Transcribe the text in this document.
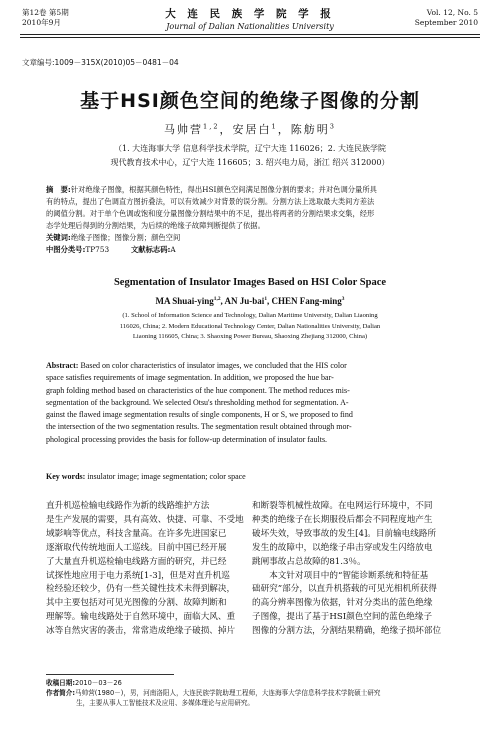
第12卷 第5期
2010年9月
大 连 民 族 学 院 学 报
Journal of Dalian Nationalities University
Vol. 12, No. 5
September 2010
文章编号:1009－315X(2010)05－0481－04
基于HSI颜色空间的绝缘子图像的分割
马帅营$^{1,2}$，安居白$^1$，陈舫明$^3$
（1. 大连海事大学 信息科学技术学院，辽宁大连 116026；2. 大连民族学院
现代教育技术中心，辽宁大连 116605；3. 绍兴电力局，浙江 绍兴 312000）
摘　要:针对绝缘子图像，根据其颜色特性，得出HSI颜色空间满足图像分割的要求；并对色调分量所具
有的特点，提出了色调直方图折叠法，可以有效减少对背景的误分割。分割方法上选取最大类间方差法
的阈值分割。对于单个色调或饱和度分量图像分割结果中的不足，提出将两者的分割结果求交集，经形
态学处理后得到的分割结果，为后续的绝缘子故障判断提供了依据。
关键词:绝缘子图像；图像分割；颜色空间
中图分类号:TP753   	文献标志码:A
Segmentation of Insulator Images Based on HSI Color Space
MA Shuai-ying$^{1,2}$, AN Ju-bai$^1$, CHEN Fang-ming$^3$
(1. School of Information Science and Technology, Dalian Maritime University, Dalian Liaoning
116026, China; 2. Modern Educational Technology Center, Dalian Nationalities University, Dalian
Liaoning 116605, China; 3. Shaoxing Power Bureau, Shaoxing Zhejiang 312000, China)
Abstract: Based on color characteristics of insulator images, we concluded that the HIS color
space satisfies requirements of image segmentation. In addition, we proposed the hue bar-
graph folding method based on characteristics of the hue component. The method reduces mis-
segmentation of the background. We selected Otsu's thresholding method for segmentation. A-
gainst the flawed image segmentation results of single components, H or S, we proposed to find
the intersection of the two segmentation results. The segmentation result obtained through mor-
phological processing provides the basis for follow-up determination of insulator faults.
Key words: insulator image; image segmentation; color space
直升机巡检输电线路作为新的线路维护方法
是生产发展的需要，具有高效、快捷、可靠、不受地
域影响等优点，科技含量高。在许多先进国家已
逐渐取代传统地面人工巡线。目前中国已经开展
了大量直升机巡检输电线路方面的研究，并已经
试探性地应用于电力系统[1-3]，但是对直升机巡
检经验还较少，仍有一些关键性技术未得到解决，
其中主要包括对可见光图像的分割、故障判断和
理解等。输电线路处于自然环境中，面临大风、重
冰等自然灾害的袭击，常常造成绝缘子破损、掉片
和断裂等机械性故障。在电网运行环境中，不同
种类的绝缘子在长期服役后都会不同程度地产生
破坏失效，导致事故的发生[4]。目前输电线路所
发生的故障中，以绝缘子串击穿或发生闪络放电
跳闸事故占总故障的81.3％。
　　本文针对项目中的“智能诊断系统和特征基
础研究”部分，以直升机搭载的可见光相机所获得
的高分辨率图像为依据，针对分类出的蓝色绝缘
子图像，提出了基于HSI颜色空间的蓝色绝缘子
图像的分割方法，分割结果精确，绝缘子损坏部位
收稿日期:2010－03－26
作者简介:马帅营(1980－)，男，河南洛阳人，大连民族学院助理工程师，大连海事大学信息科学技术学院硕士研究
生，主要从事人工智能技术及应用、多媒体理论与应用研究。
